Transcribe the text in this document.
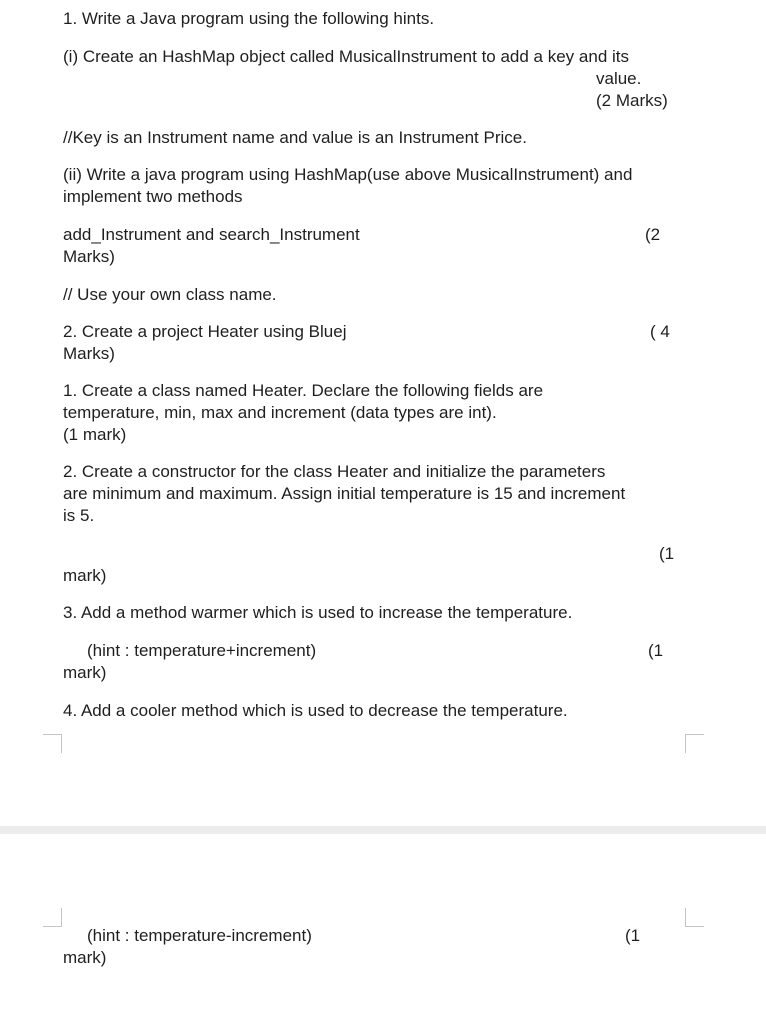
1. Write a Java program using the following hints.
(i) Create an HashMap object called MusicalInstrument to add a key and its
value.
(2 Marks)
//Key is an Instrument name and value is an Instrument Price.
(ii) Write a java program using HashMap(use above MusicalInstrument) and
implement two methods
add_Instrument and search_Instrument	(2
Marks)
// Use your own class name.
2. Create a project Heater using Bluej	( 4
Marks)
1. Create a class named Heater. Declare the following fields are
temperature, min, max and increment (data types are int).
(1 mark)
2. Create a constructor for the class Heater and initialize the parameters
are minimum and maximum. Assign initial temperature is 15 and increment
is 5.
(1
mark)
3. Add a method warmer which is used to increase the temperature.
(hint : temperature+increment)	(1
mark)
4. Add a cooler method which is used to decrease the temperature.
(hint : temperature-increment)	(1
mark)
